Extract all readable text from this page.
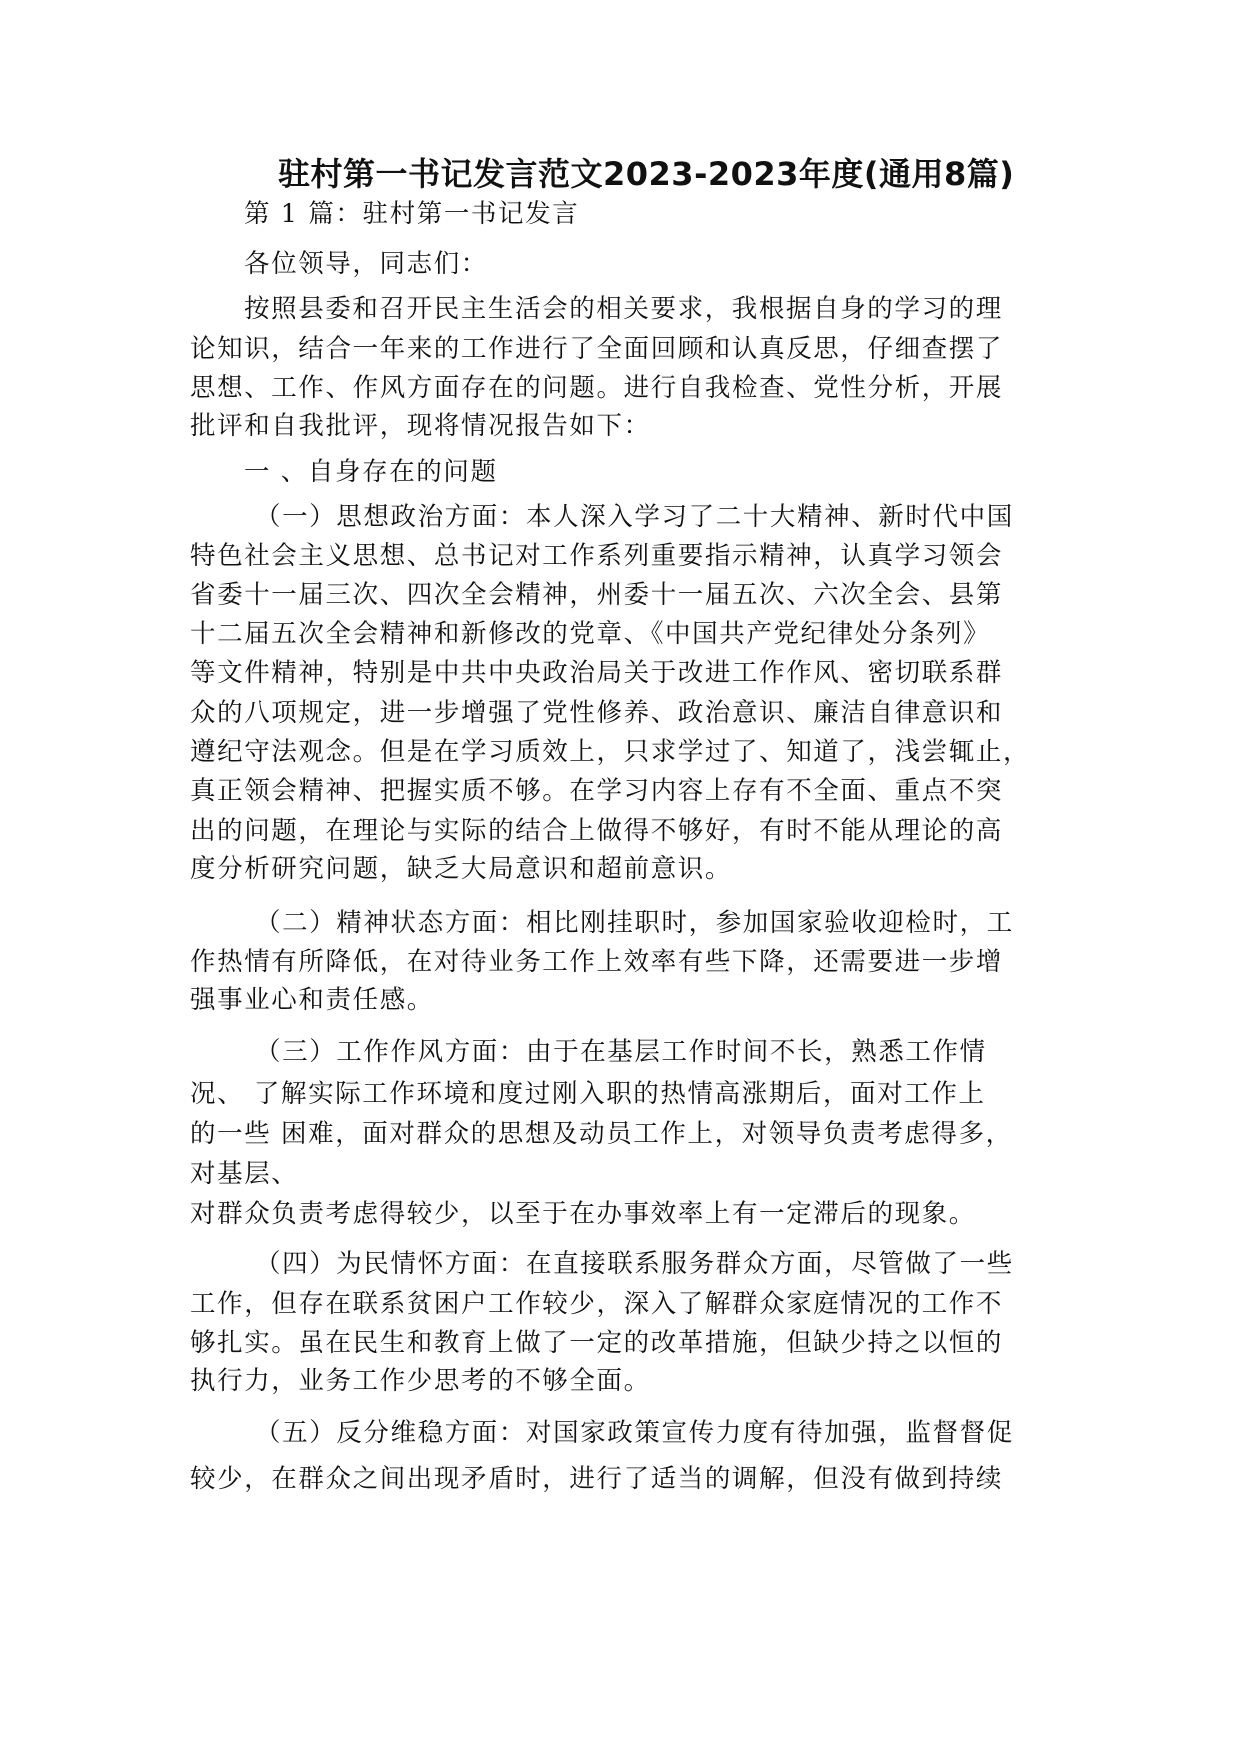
驻村第一书记发言范文2023-2023年度(通用8篇)
第 1 篇：驻村第一书记发言
各位领导，同志们：
按照县委和召开民主生活会的相关要求，我根据自身的学习的理
论知识，结合一年来的工作进行了全面回顾和认真反思，仔细查摆了
思想、工作、作风方面存在的问题。进行自我检查、党性分析，开展
批评和自我批评，现将情况报告如下：
一 、自身存在的问题
（一）思想政治方面：本人深入学习了二十大精神、新时代中国
特色社会主义思想、总书记对工作系列重要指示精神，认真学习领会
省委十一届三次、四次全会精神，州委十一届五次、六次全会、县第
十二届五次全会精神和新修改的党章、《中国共产党纪律处分条列》
等文件精神，特别是中共中央政治局关于改进工作作风、密切联系群
众的八项规定，进一步增强了党性修养、政治意识、廉洁自律意识和
遵纪守法观念。但是在学习质效上，只求学过了、知道了，浅尝辄止，
真正领会精神、把握实质不够。在学习内容上存有不全面、重点不突
出的问题，在理论与实际的结合上做得不够好，有时不能从理论的高
度分析研究问题，缺乏大局意识和超前意识。
（二）精神状态方面：相比刚挂职时，参加国家验收迎检时，工
作热情有所降低，在对待业务工作上效率有些下降，还需要进一步增
强事业心和责任感。
（三）工作作风方面：由于在基层工作时间不长，熟悉工作情
况、 了解实际工作环境和度过刚入职的热情高涨期后，面对工作上
的一些 困难，面对群众的思想及动员工作上，对领导负责考虑得多，
对基层、
对群众负责考虑得较少，以至于在办事效率上有一定滞后的现象。
（四）为民情怀方面：在直接联系服务群众方面，尽管做了一些
工作，但存在联系贫困户工作较少，深入了解群众家庭情况的工作不
够扎实。虽在民生和教育上做了一定的改革措施，但缺少持之以恒的
执行力，业务工作少思考的不够全面。
（五）反分维稳方面：对国家政策宣传力度有待加强，监督督促
较少，在群众之间出现矛盾时，进行了适当的调解，但没有做到持续
